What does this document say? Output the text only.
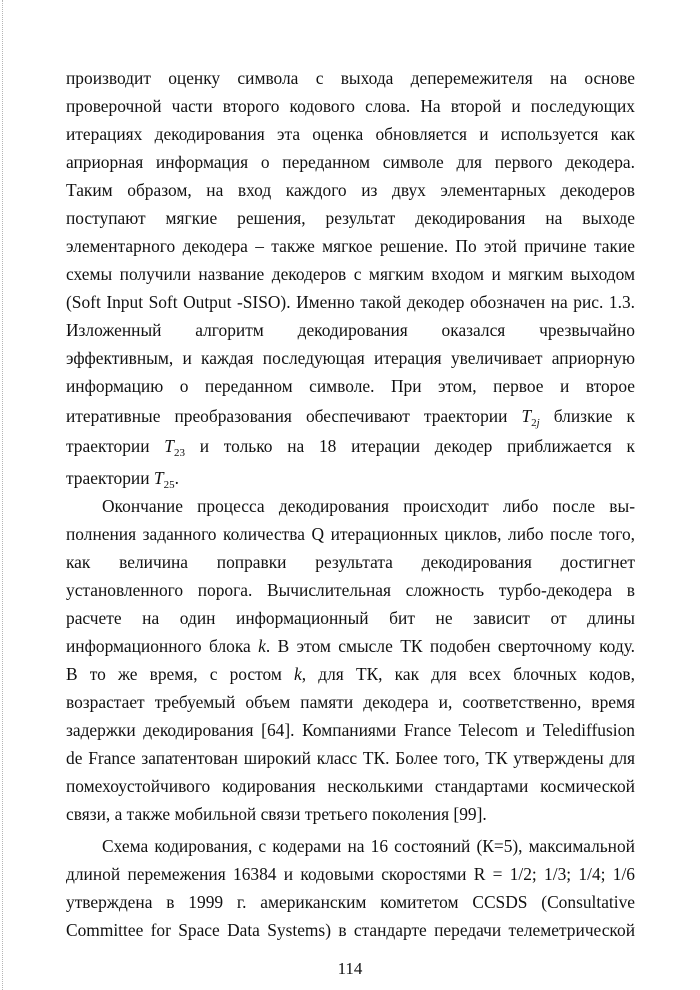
производит оценку символа с выхода деперемежителя на основе
проверочной части второго кодового слова. На второй и последующих
итерациях декодирования эта оценка обновляется и используется как
априорная информация о переданном символе для первого декодера.
Таким образом, на вход каждого из двух элементарных декодеров
поступают мягкие решения, результат декодирования на выходе
элементарного декодера – также мягкое решение. По этой причине такие
схемы получили название декодеров с мягким входом и мягким выходом
(Soft Input Soft Output -SISO). Именно такой декодер обозначен на рис. 1.3.
Изложенный алгоритм декодирования оказался чрезвычайно
эффективным, и каждая последующая итерация увеличивает априорную
информацию о переданном символе. При этом, первое и второе
итеративные преобразования обеспечивают траектории $T_{2j}$ близкие к
траектории $T_{23}$ и только на 18 итерации декодер приближается к
траектории $T_{25}$.
Окончание процесса декодирования происходит либо после вы-
полнения заданного количества Q итерационных циклов, либо после того,
как величина поправки результата декодирования достигнет
установленного порога. Вычислительная сложность турбо-декодера в
расчете на один информационный бит не зависит от длины
информационного блока k. В этом смысле ТК подобен сверточному коду.
В то же время, с ростом k, для ТК, как для всех блочных кодов,
возрастает требуемый объем памяти декодера и, соответственно, время
задержки декодирования [64]. Компаниями France Telecom и Telediffusion
de France запатентован широкий класс ТК. Более того, ТК утверждены для
помехоустойчивого кодирования несколькими стандартами космической
связи, а также мобильной связи третьего поколения [99].
Схема кодирования, с кодерами на 16 состояний (К=5), максимальной
длиной перемежения 16384 и кодовыми скоростями R = 1/2; 1/3; 1/4; 1/6
утверждена в 1999 г. американским комитетом CCSDS (Consultative
Committee for Space Data Systems) в стандарте передачи телеметрической
114
